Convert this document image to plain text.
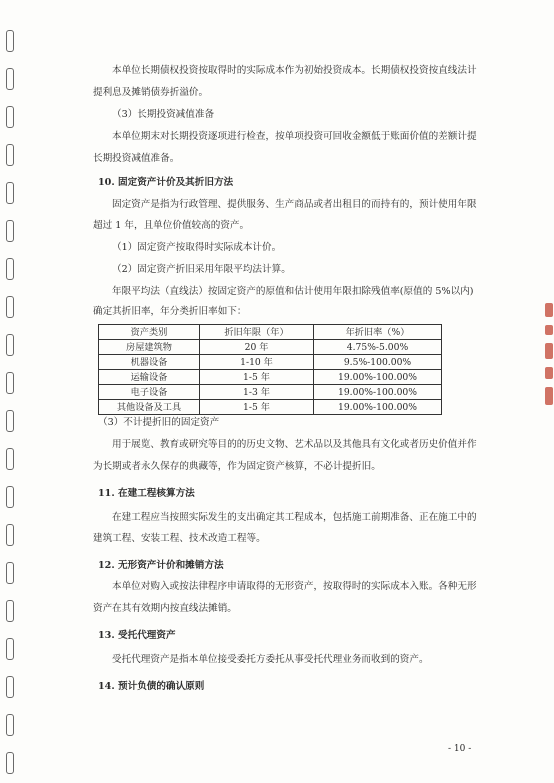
本单位长期债权投资按取得时的实际成本作为初始投资成本。长期债权投资按直线法计

提利息及摊销债券折溢价。

（3）长期投资减值准备

本单位期末对长期投资逐项进行检查，按单项投资可回收金额低于账面价值的差额计提

长期投资减值准备。

10. 固定资产计价及其折旧方法

固定资产是指为行政管理、提供服务、生产商品或者出租目的而持有的，预计使用年限

超过 1 年，且单位价值较高的资产。

（1）固定资产按取得时实际成本计价。

（2）固定资产折旧采用年限平均法计算。

年限平均法（直线法）按固定资产的原值和估计使用年限扣除残值率(原值的 5%以内)

确定其折旧率，年分类折旧率如下：

资产类别	折旧年限（年）	年折旧率（%）
房屋建筑物	20 年	4.75%-5.00%
机器设备	1-10 年	9.5%-100.00%
运输设备	1-5 年	19.00%-100.00%
电子设备	1-3 年	19.00%-100.00%
其他设备及工具	1-5 年	19.00%-100.00%

（3）不计提折旧的固定资产

用于展览、教育或研究等目的的历史文物、艺术品以及其他具有文化或者历史价值并作

为长期或者永久保存的典藏等，作为固定资产核算，不必计提折旧。

11. 在建工程核算方法

在建工程应当按照实际发生的支出确定其工程成本，包括施工前期准备、正在施工中的

建筑工程、安装工程、技术改造工程等。

12. 无形资产计价和摊销方法

本单位对购入或按法律程序申请取得的无形资产，按取得时的实际成本入账。各种无形

资产在其有效期内按直线法摊销。

13. 受托代理资产

受托代理资产是指本单位接受委托方委托从事受托代理业务而收到的资产。

14. 预计负债的确认原则

- 10 -
